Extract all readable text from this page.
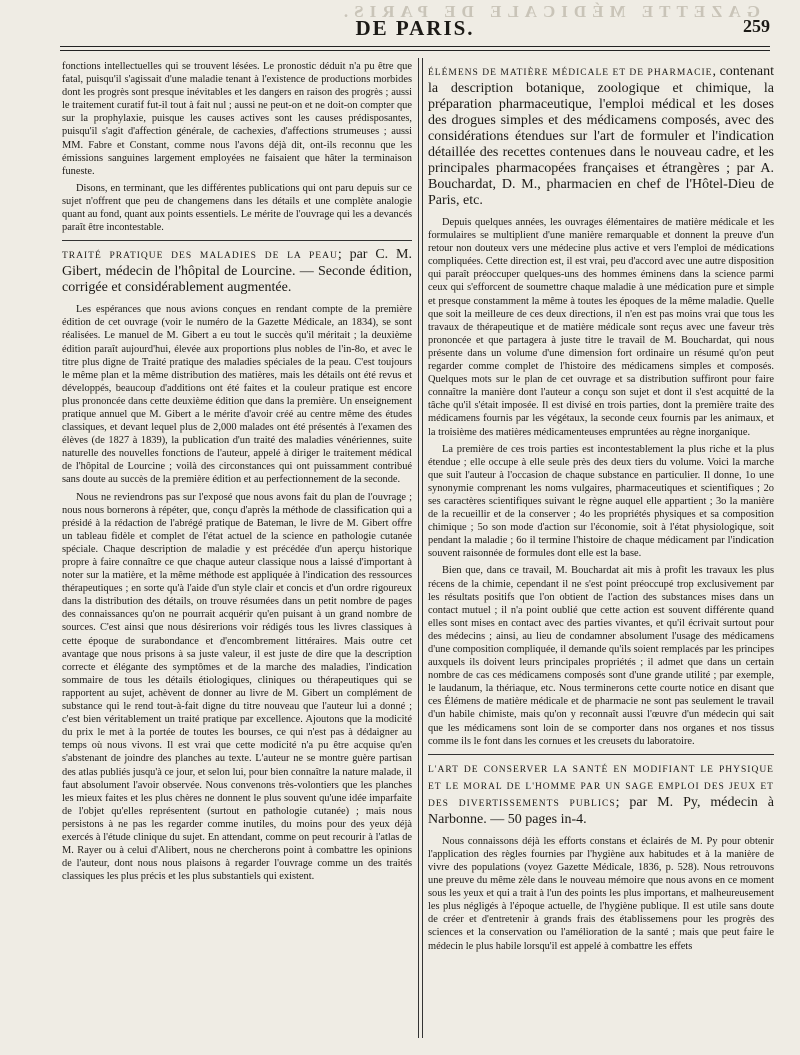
GAZETTE MÉDICALE DE PARIS.
DE PARIS.	259

fonctions intellectuelles qui se trouvent lésées. Le pronostic déduit n'a pu être que fatal, puisqu'il s'agissait d'une maladie tenant à l'existence de productions morbides dont les progrès sont presque inévitables et les dangers en raison des progrès ; aussi le traitement curatif fut-il tout à fait nul ; aussi ne peut-on et ne doit-on compter que sur la prophylaxie, puisque les causes actives sont les causes prédisposantes, puisqu'il s'agit d'affection générale, de cachexies, d'affections strumeuses ; aussi MM. Fabre et Constant, comme nous l'avons déjà dit, ont-ils reconnu que les émissions sanguines largement employées ne faisaient que hâter la terminaison funeste.

Disons, en terminant, que les différentes publications qui ont paru depuis sur ce sujet n'offrent que peu de changemens dans les détails et une complète analogie quant au fond, quant aux points essentiels. Le mérite de l'ouvrage qui les a devancés paraît être incontestable.

TRAITÉ PRATIQUE DES MALADIES DE LA PEAU; par C. M. Gibert, médecin de l'hôpital de Lourcine. — Seconde édition, corrigée et considérablement augmentée.

Les espérances que nous avions conçues en rendant compte de la première édition de cet ouvrage (voir le numéro de la Gazette Médicale, an 1834), se sont réalisées. Le manuel de M. Gibert a eu tout le succès qu'il méritait ; la deuxième édition paraît aujourd'hui, élevée aux proportions plus nobles de l'in-8o, et avec le titre plus digne de Traité pratique des maladies spéciales de la peau. C'est toujours le même plan et la même distribution des matières, mais les détails ont été revus et développés, beaucoup d'additions ont été faites et la couleur pratique est encore plus prononcée dans cette deuxième édition que dans la première. Un enseignement pratique annuel que M. Gibert a le mérite d'avoir créé au centre même des études classiques, et devant lequel plus de 2,000 malades ont été présentés à l'examen des élèves (de 1827 à 1839), la publication d'un traité des maladies vénériennes, suite naturelle des nouvelles fonctions de l'auteur, appelé à diriger le traitement médical de l'hôpital de Lourcine ; voilà des circonstances qui ont puissamment contribué sans doute au succès de la première édition et au perfectionnement de la seconde.

Nous ne reviendrons pas sur l'exposé que nous avons fait du plan de l'ouvrage ; nous nous bornerons à répéter, que, conçu d'après la méthode de classification qui a présidé à la rédaction de l'abrégé pratique de Bateman, le livre de M. Gibert offre un tableau fidèle et complet de l'état actuel de la science en pathologie cutanée spéciale. Chaque description de maladie y est précédée d'un aperçu historique propre à faire connaître ce que chaque auteur classique nous a laissé d'important à noter sur la matière, et la même méthode est appliquée à l'indication des ressources thérapeutiques ; en sorte qu'à l'aide d'un style clair et concis et d'un ordre rigoureux dans la distribution des détails, on trouve résumées dans un petit nombre de pages des connaissances qu'on ne pourrait acquérir qu'en puisant à un grand nombre de sources. C'est ainsi que nous désirerions voir rédigés tous les livres classiques à cette époque de surabondance et d'encombrement littéraires. Mais outre cet avantage que nous prisons à sa juste valeur, il est juste de dire que la description correcte et élégante des symptômes et de la marche des maladies, l'indication sommaire de tous les détails étiologiques, cliniques ou thérapeutiques qui se rapportent au sujet, achèvent de donner au livre de M. Gibert un complément de substance qui le rend tout-à-fait digne du titre nouveau que l'auteur lui a donné ; c'est bien véritablement un traité pratique par excellence. Ajoutons que la modicité du prix le met à la portée de toutes les bourses, ce qui n'est pas à dédaigner au temps où nous vivons. Il est vrai que cette modicité n'a pu être acquise qu'en s'abstenant de joindre des planches au texte. L'auteur ne se montre guère partisan des atlas publiés jusqu'à ce jour, et selon lui, pour bien connaître la nature malade, il faut absolument l'avoir observée. Nous convenons très-volontiers que les planches les mieux faites et les plus chères ne donnent le plus souvent qu'une idée imparfaite de l'objet qu'elles représentent (surtout en pathologie cutanée) ; mais nous persistons à ne pas les regarder comme inutiles, du moins pour des yeux déjà exercés à l'étude clinique du sujet. En attendant, comme on peut recourir à l'atlas de M. Rayer ou à celui d'Alibert, nous ne chercherons point à combattre les opinions de l'auteur, dont nous nous plaisons à regarder l'ouvrage comme un des traités classiques les plus précis et les plus substantiels qui existent.

ÉLÉMENS DE MATIÈRE MÉDICALE ET DE PHARMACIE, contenant la description botanique, zoologique et chimique, la préparation pharmaceutique, l'emploi médical et les doses des drogues simples et des médicamens composés, avec des considérations étendues sur l'art de formuler et l'indication détaillée des recettes contenues dans le nouveau cadre, et les principales pharmacopées françaises et étrangères ; par A. Bouchardat, D. M., pharmacien en chef de l'Hôtel-Dieu de Paris, etc.

Depuis quelques années, les ouvrages élémentaires de matière médicale et les formulaires se multiplient d'une manière remarquable et donnent la preuve d'un retour non douteux vers une médecine plus active et vers l'emploi de médications compliquées. Cette direction est, il est vrai, peu d'accord avec une autre disposition qui paraît préoccuper quelques-uns des hommes éminens dans la science parmi ceux qui s'efforcent de soumettre chaque maladie à une médication pure et simple et presque constamment la même à toutes les époques de la même maladie. Quelle que soit la meilleure de ces deux directions, il n'en est pas moins vrai que tous les travaux de thérapeutique et de matière médicale sont reçus avec une faveur très prononcée et que partagera à juste titre le travail de M. Bouchardat, qui nous présente dans un volume d'une dimension fort ordinaire un résumé qu'on peut regarder comme complet de l'histoire des médicamens simples et composés. Quelques mots sur le plan de cet ouvrage et sa distribution suffiront pour faire connaître la manière dont l'auteur a conçu son sujet et dont il s'est acquitté de la tâche qu'il s'était imposée. Il est divisé en trois parties, dont la première traite des médicamens fournis par les végétaux, la seconde ceux fournis par les animaux, et la troisième des matières médicamenteuses empruntées au règne inorganique.

La première de ces trois parties est incontestablement la plus riche et la plus étendue ; elle occupe à elle seule près des deux tiers du volume. Voici la marche que suit l'auteur à l'occasion de chaque substance en particulier. Il donne, 1o une synonymie comprenant les noms vulgaires, pharmaceutiques et scientifiques ; 2o ses caractères scientifiques suivant le règne auquel elle appartient ; 3o la manière de la recueillir et de la conserver ; 4o les propriétés physiques et sa composition chimique ; 5o son mode d'action sur l'économie, soit à l'état physiologique, soit pendant la maladie ; 6o il termine l'histoire de chaque médicament par l'indication souvent raisonnée de formules dont elle est la base.

Bien que, dans ce travail, M. Bouchardat ait mis à profit les travaux les plus récens de la chimie, cependant il ne s'est point préoccupé trop exclusivement par les résultats positifs que l'on obtient de l'action des substances mises dans un contact mutuel ; il n'a point oublié que cette action est souvent différente quand elles sont mises en contact avec des parties vivantes, et qu'il écrivait surtout pour des médecins ; ainsi, au lieu de condamner absolument l'usage des médicamens d'une composition compliquée, il demande qu'ils soient remplacés par les principes auxquels ils doivent leurs principales propriétés ; il admet que dans un certain nombre de cas ces médicamens composés sont d'une grande utilité ; par exemple, le laudanum, la thériaque, etc. Nous terminerons cette courte notice en disant que ces Élémens de matière médicale et de pharmacie ne sont pas seulement le travail d'un habile chimiste, mais qu'on y reconnaît aussi l'œuvre d'un médecin qui sait que les médicamens sont loin de se comporter dans nos organes et nos tissus comme ils le font dans les cornues et les creusets du laboratoire.

L'ART DE CONSERVER LA SANTÉ EN MODIFIANT LE PHYSIQUE ET LE MORAL DE L'HOMME PAR UN SAGE EMPLOI DES JEUX ET DES DIVERTISSEMENTS PUBLICS; par M. Py, médecin à Narbonne. — 50 pages in-4.

Nous connaissons déjà les efforts constans et éclairés de M. Py pour obtenir l'application des règles fournies par l'hygiène aux habitudes et à la manière de vivre des populations (voyez Gazette Médicale, 1836, p. 528). Nous retrouvons une preuve du même zèle dans le nouveau mémoire que nous avons en ce moment sous les yeux et qui a trait à l'un des points les plus importans, et malheureusement les plus négligés à l'époque actuelle, de l'hygiène publique. Il est utile sans doute de créer et d'entretenir à grands frais des établissemens pour les progrès des sciences et la conservation ou l'amélioration de la santé ; mais que peut faire le médecin le plus habile lorsqu'il est appelé à combattre les effets
